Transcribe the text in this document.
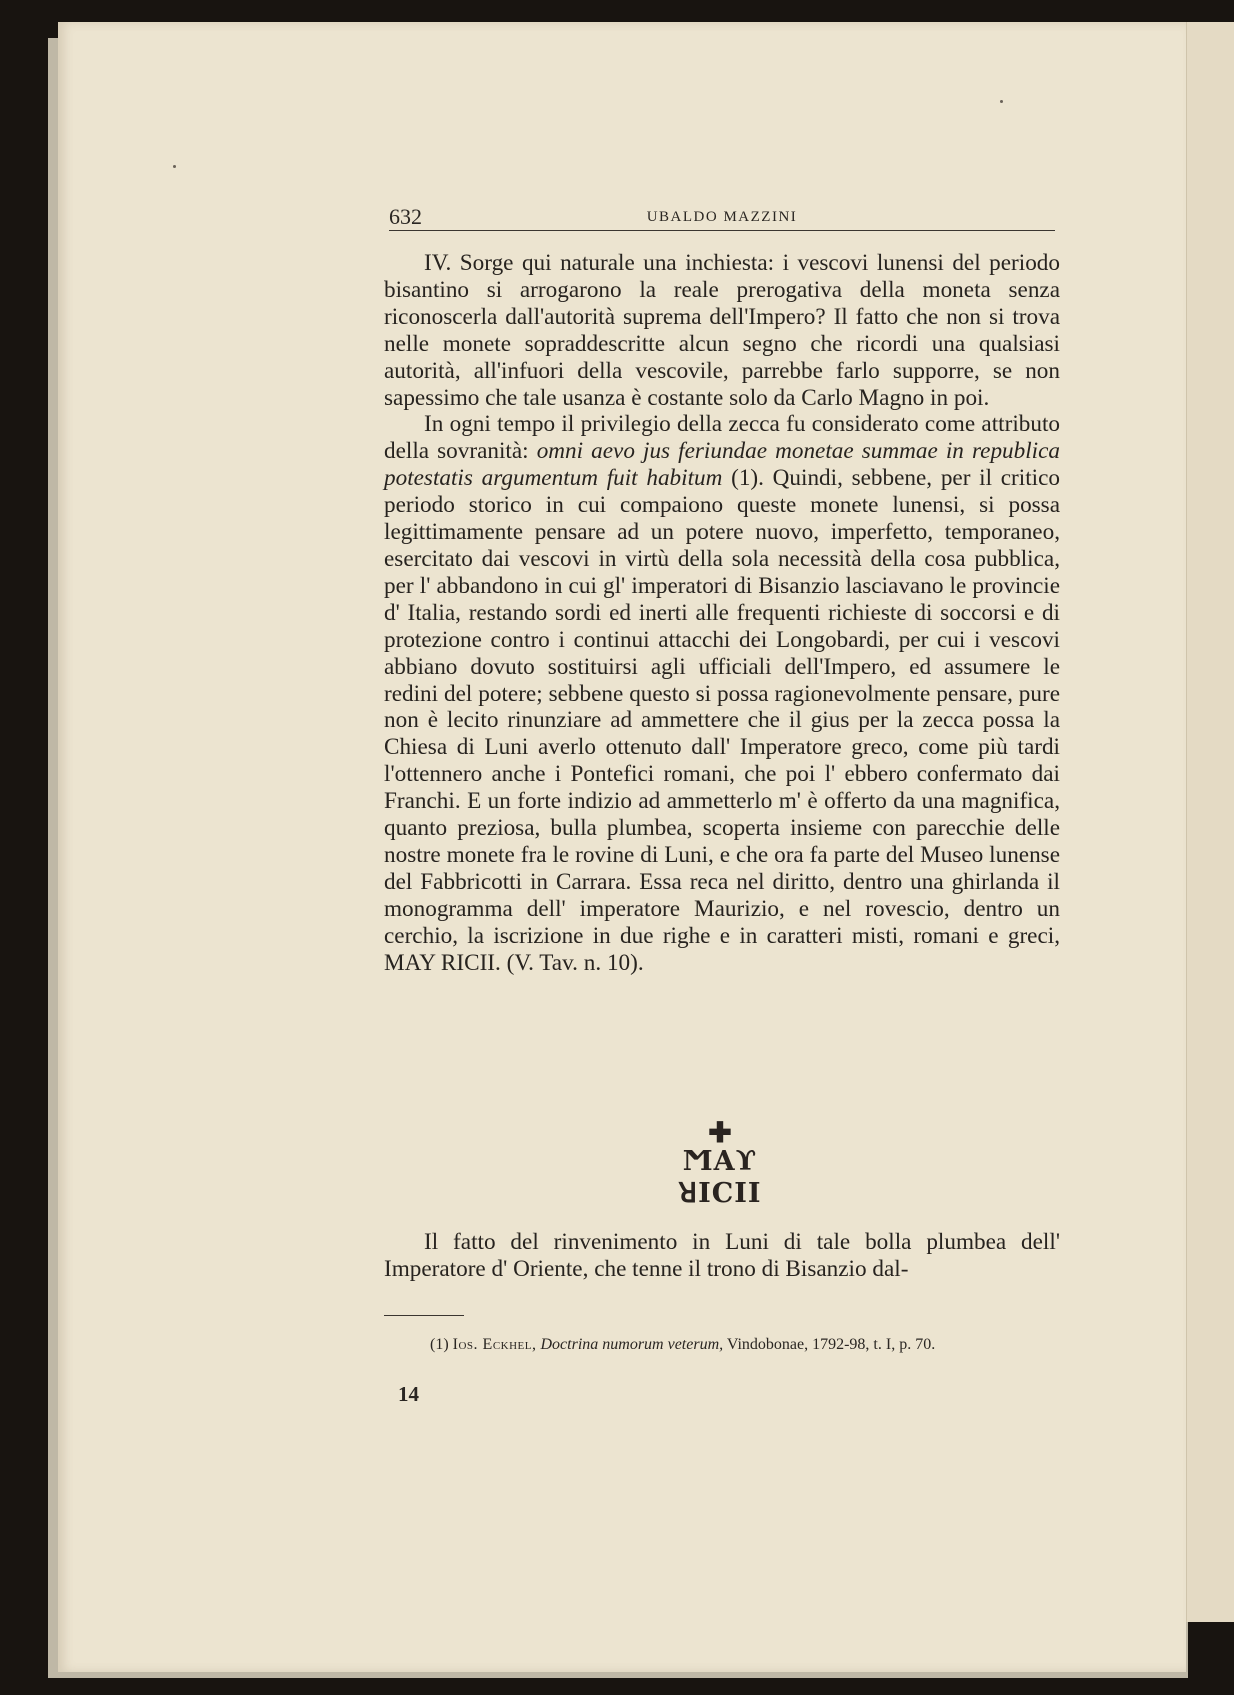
632	UBALDO MAZZINI

IV. Sorge qui naturale una inchiesta: i vescovi lunensi del periodo bisantino si arrogarono la reale prerogativa della moneta senza riconoscerla dall'autorità suprema dell'Impero? Il fatto che non si trova nelle monete sopraddescritte alcun segno che ricordi una qualsiasi autorità, all'infuori della vescovile, parrebbe farlo supporre, se non sapessimo che tale usanza è costante solo da Carlo Magno in poi.

In ogni tempo il privilegio della zecca fu considerato come attributo della sovranità: omni aevo jus feriundae monetae summae in republica potestatis argumentum fuit habitum (1). Quindi, sebbene, per il critico periodo storico in cui compaiono queste monete lunensi, si possa legittimamente pensare ad un potere nuovo, imperfetto, temporaneo, esercitato dai vescovi in virtù della sola necessità della cosa pubblica, per l' abbandono in cui gl' imperatori di Bisanzio lasciavano le provincie d' Italia, restando sordi ed inerti alle frequenti richieste di soccorsi e di protezione contro i continui attacchi dei Longobardi, per cui i vescovi abbiano dovuto sostituirsi agli ufficiali dell'Impero, ed assumere le redini del potere; sebbene questo si possa ragionevolmente pensare, pure non è lecito rinunziare ad ammettere che il gius per la zecca possa la Chiesa di Luni averlo ottenuto dall' Imperatore greco, come più tardi l'ottennero anche i Pontefici romani, che poi l' ebbero confermato dai Franchi. E un forte indizio ad ammetterlo m' è offerto da una magnifica, quanto preziosa, bulla plumbea, scoperta insieme con parecchie delle nostre monete fra le rovine di Luni, e che ora fa parte del Museo lunense del Fabbricotti in Carrara. Essa reca nel diritto, dentro una ghirlanda il monogramma dell' imperatore Maurizio, e nel rovescio, dentro un cerchio, la iscrizione in due righe e in caratteri misti, romani e greci, MAY RICII. (V. Tav. n. 10).

✚
ϺΑϒ
ꓤICII

Il fatto del rinvenimento in Luni di tale bolla plumbea dell' Imperatore d' Oriente, che tenne il trono di Bisanzio dal-

(1) Ios. Eckhel, Doctrina numorum veterum, Vindobonae, 1792-98, t. I, p. 70.
14
